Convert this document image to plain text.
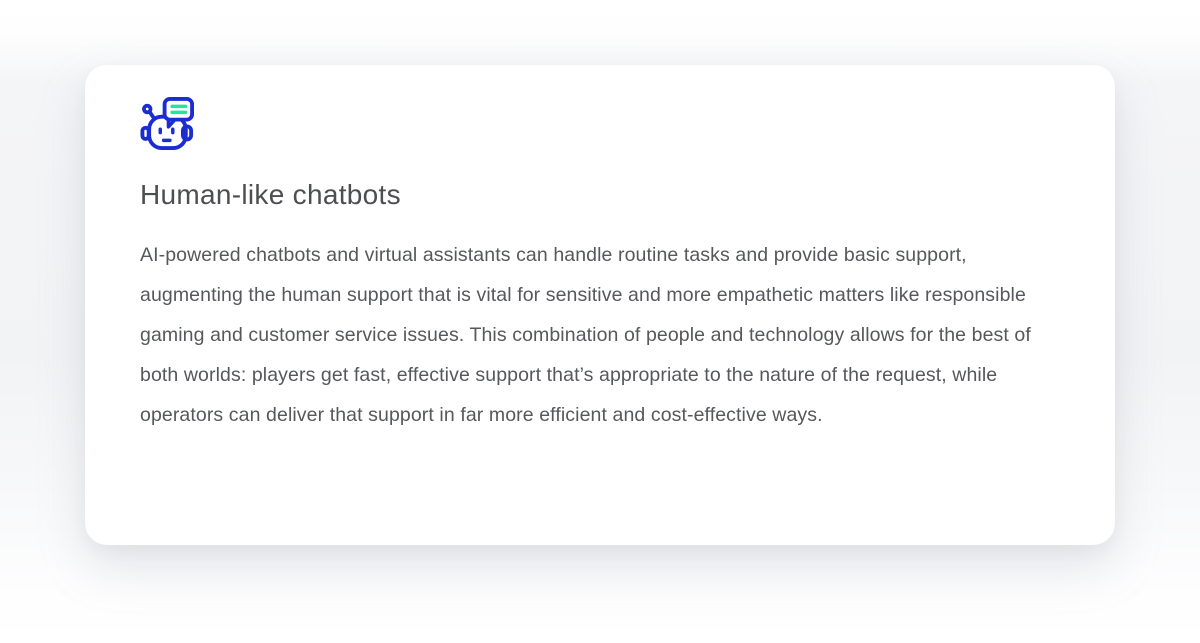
Human-like chatbots

AI-powered chatbots and virtual assistants can handle routine tasks and provide basic support, augmenting the human support that is vital for sensitive and more empathetic matters like responsible gaming and customer service issues. This combination of people and technology allows for the best of both worlds: players get fast, effective support that’s appropriate to the nature of the request, while operators can deliver that support in far more efficient and cost-effective ways.
